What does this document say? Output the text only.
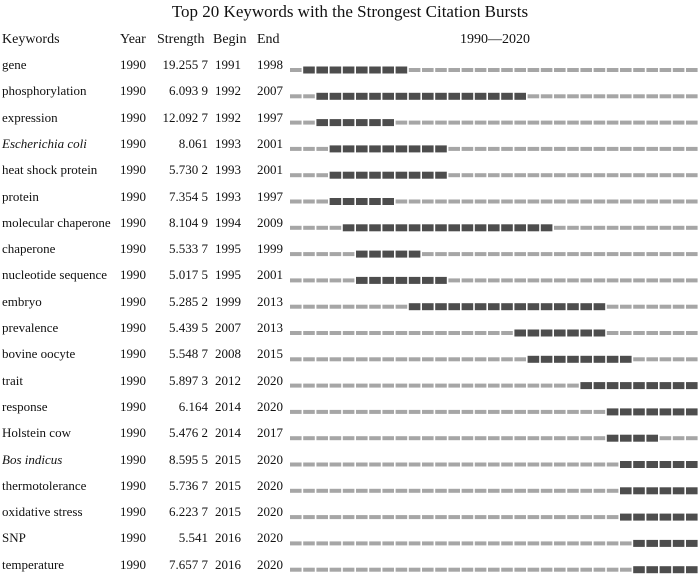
Top 20 Keywords with the Strongest Citation Bursts
Keywords	Year Strength Begin End	1990—2020
gene	1990	19.255 7 1991 1998
phosphorylation	1990	6.093 9 1992 2007
expression	1990	12.092 7 1992 1997
Escherichia coli	1990	8.061 1993 2001
heat shock protein 1990	5.730 2 1993 2001
protein	1990	7.354 5 1993 1997
molecular chaperone 1990	8.104 9 1994 2009
chaperone	1990	5.533 7 1995 1999
nucleotide sequence 1990	5.017 5 1995 2001
embryo	1990	5.285 2 1999 2013
prevalence	1990	5.439 5 2007 2013
bovine oocyte	1990	5.548 7 2008 2015
trait	1990	5.897 3 2012 2020
response	1990	6.164 2014 2020
Holstein cow	1990	5.476 2 2014 2017
Bos indicus	1990	8.595 5 2015 2020
thermotolerance	1990	5.736 7 2015 2020
oxidative stress	1990	6.223 7 2015 2020
SNP	1990	5.541 2016 2020
temperature	1990	7.657 7 2016 2020
